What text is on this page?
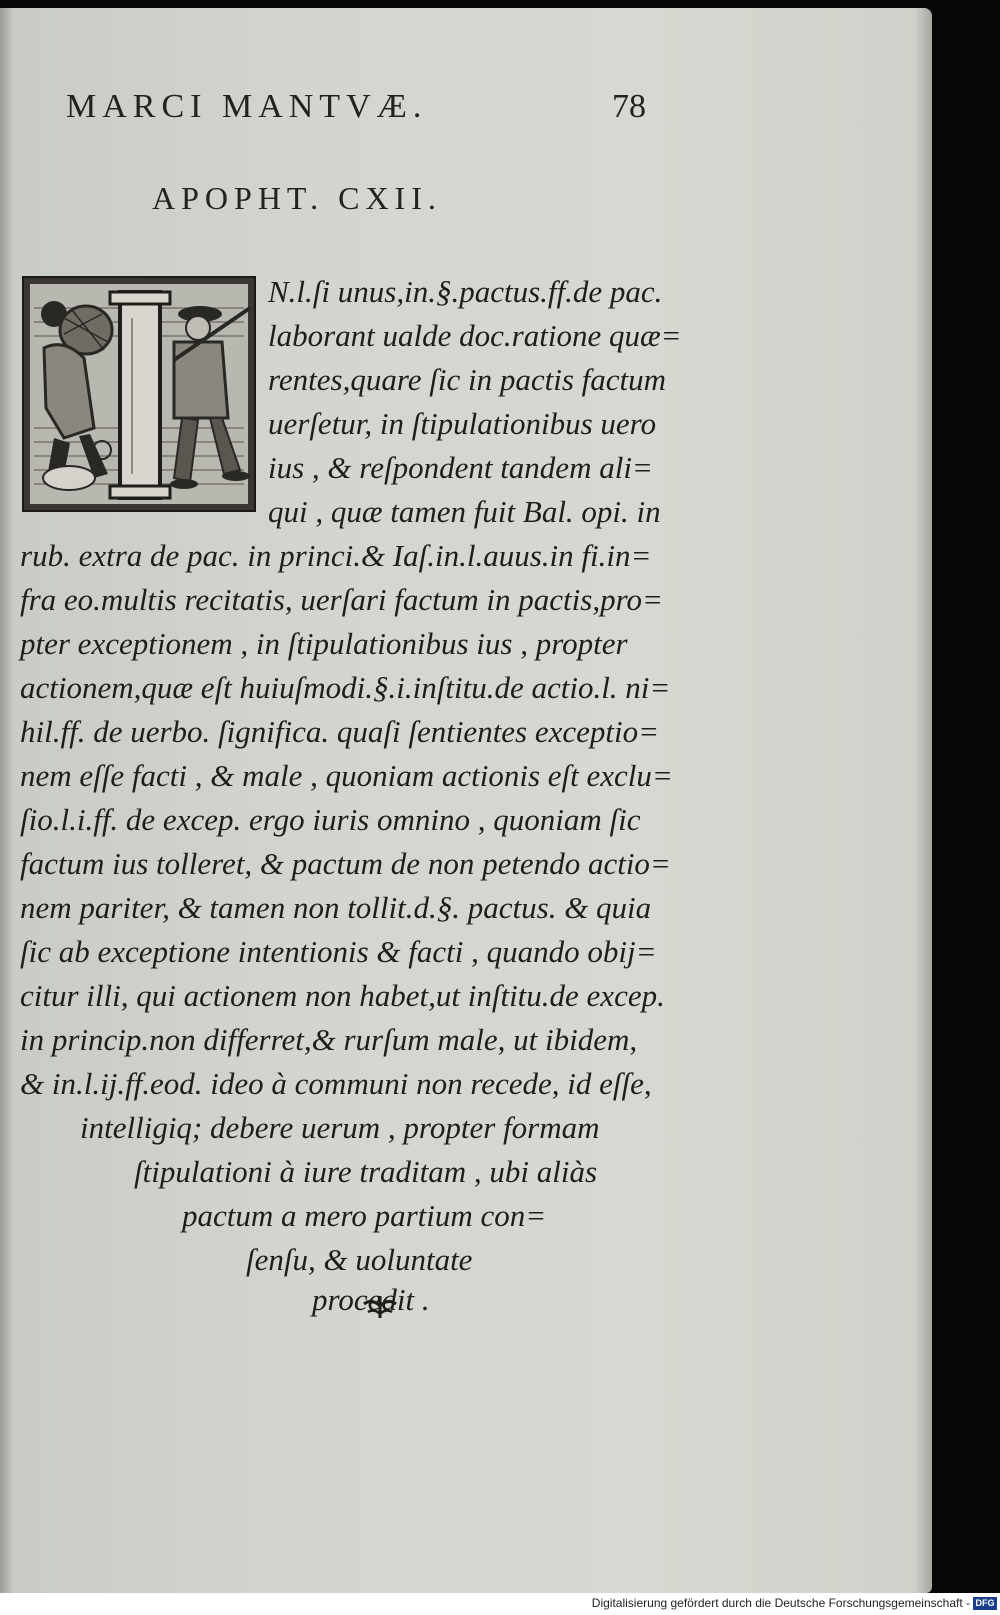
MARCI MANTVÆ.	78
APOPHT. CXII.
N.l.ſi unus,in.§.pactus.ff.de pac.
laborant ualde doc.ratione quæ=
rentes,quare ſic in pactis factum
uerſetur, in ſtipulationibus uero
ius , & reſpondent tandem ali=
qui , quæ tamen fuit Bal. opi. in
rub. extra de pac. in princi.& Iaſ.in.l.auus.in fi.in=
fra eo.multis recitatis, uerſari factum in pactis,pro=
pter exceptionem , in ſtipulationibus ius , propter
actionem,quæ eſt huiuſmodi.§.i.inſtitu.de actio.l. ni=
hil.ff. de uerbo. ſignifica. quaſi ſentientes exceptio=
nem eſſe facti , & male , quoniam actionis eſt exclu=
ſio.l.i.ff. de excep. ergo iuris omnino , quoniam ſic
factum ius tolleret, & pactum de non petendo actio=
nem pariter, & tamen non tollit.d.§. pactus. & quia
ſic ab exceptione intentionis & facti , quando obij=
citur illi, qui actionem non habet,ut inſtitu.de excep.
in princip.non differret,& rurſum male, ut ibidem,
& in.l.ij.ff.eod. ideo à communi non recede, id eſſe,
intelligiq; debere uerum , propter formam
ſtipulationi à iure traditam , ubi aliàs
pactum a mero partium con=
ſenſu, & uoluntate
procedit .
Digitalisierung gefördert durch die Deutsche Forschungsgemeinschaft - DFG
